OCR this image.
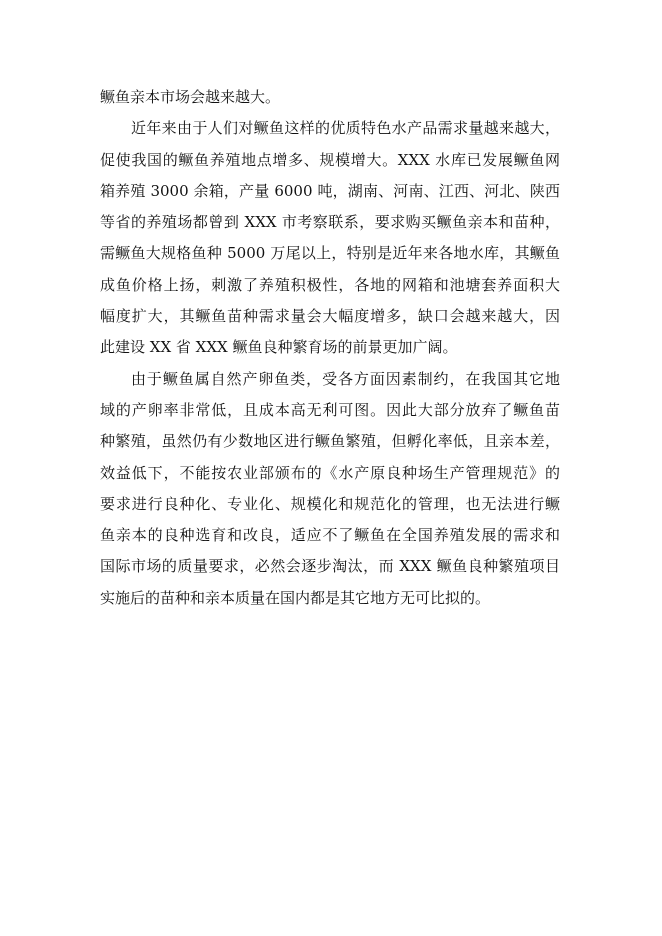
鳜鱼亲本市场会越来越大。
近年来由于人们对鳜鱼这样的优质特色水产品需求量越来越大，
促使我国的鳜鱼养殖地点增多、规模增大。XXX 水库已发展鳜鱼网
箱养殖 3000 余箱，产量 6000 吨，湖南、河南、江西、河北、陕西
等省的养殖场都曾到 XXX 市考察联系，要求购买鳜鱼亲本和苗种，
需鳜鱼大规格鱼种 5000 万尾以上，特别是近年来各地水库，其鳜鱼
成鱼价格上扬，刺激了养殖积极性，各地的网箱和池塘套养面积大
幅度扩大，其鳜鱼苗种需求量会大幅度增多，缺口会越来越大，因
此建设 XX 省 XXX 鳜鱼良种繁育场的前景更加广阔。
由于鳜鱼属自然产卵鱼类，受各方面因素制约，在我国其它地
域的产卵率非常低，且成本高无利可图。因此大部分放弃了鳜鱼苗
种繁殖，虽然仍有少数地区进行鳜鱼繁殖，但孵化率低，且亲本差，
效益低下，不能按农业部颁布的《水产原良种场生产管理规范》的
要求进行良种化、专业化、规模化和规范化的管理，也无法进行鳜
鱼亲本的良种选育和改良，适应不了鳜鱼在全国养殖发展的需求和
国际市场的质量要求，必然会逐步淘汰，而 XXX 鳜鱼良种繁殖项目
实施后的苗种和亲本质量在国内都是其它地方无可比拟的。
